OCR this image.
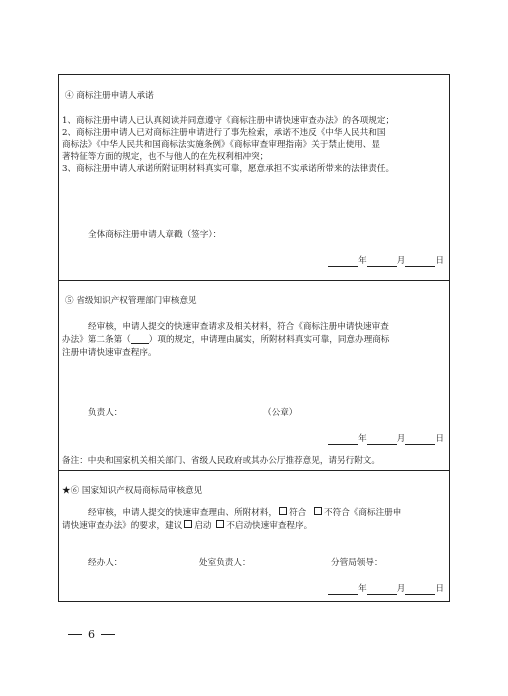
④ 商标注册申请人承诺
1、商标注册申请人已认真阅读并同意遵守《商标注册申请快速审查办法》的各项规定；
2、商标注册申请人已对商标注册申请进行了事先检索，承诺不违反《中华人民共和国
商标法》《中华人民共和国商标法实施条例》《商标审查审理指南》关于禁止使用、显
著特征等方面的规定，也不与他人的在先权利相冲突；
3、商标注册申请人承诺所附证明材料真实可靠，愿意承担不实承诺所带来的法律责任。
全体商标注册申请人章戳（签字）：
年	月	日
⑤ 省级知识产权管理部门审核意见
经审核，申请人提交的快速审查请求及相关材料，符合《商标注册申请快速审查
办法》第二条第（ ）项的规定，申请理由属实，所附材料真实可靠，同意办理商标
注册申请快速审查程序。
负责人：	（公章）
年	月	日
备注：中央和国家机关相关部门、省级人民政府或其办公厅推荐意见，请另行附文。
★⑥ 国家知识产权局商标局审核意见
经审核，申请人提交的快速审查理由、所附材料， 符合 不符合《商标注册申
请快速审查办法》的要求，建议 启动 不启动快速审查程序。
经办人：	处室负责人：	分管局领导：
年	月	日
6
